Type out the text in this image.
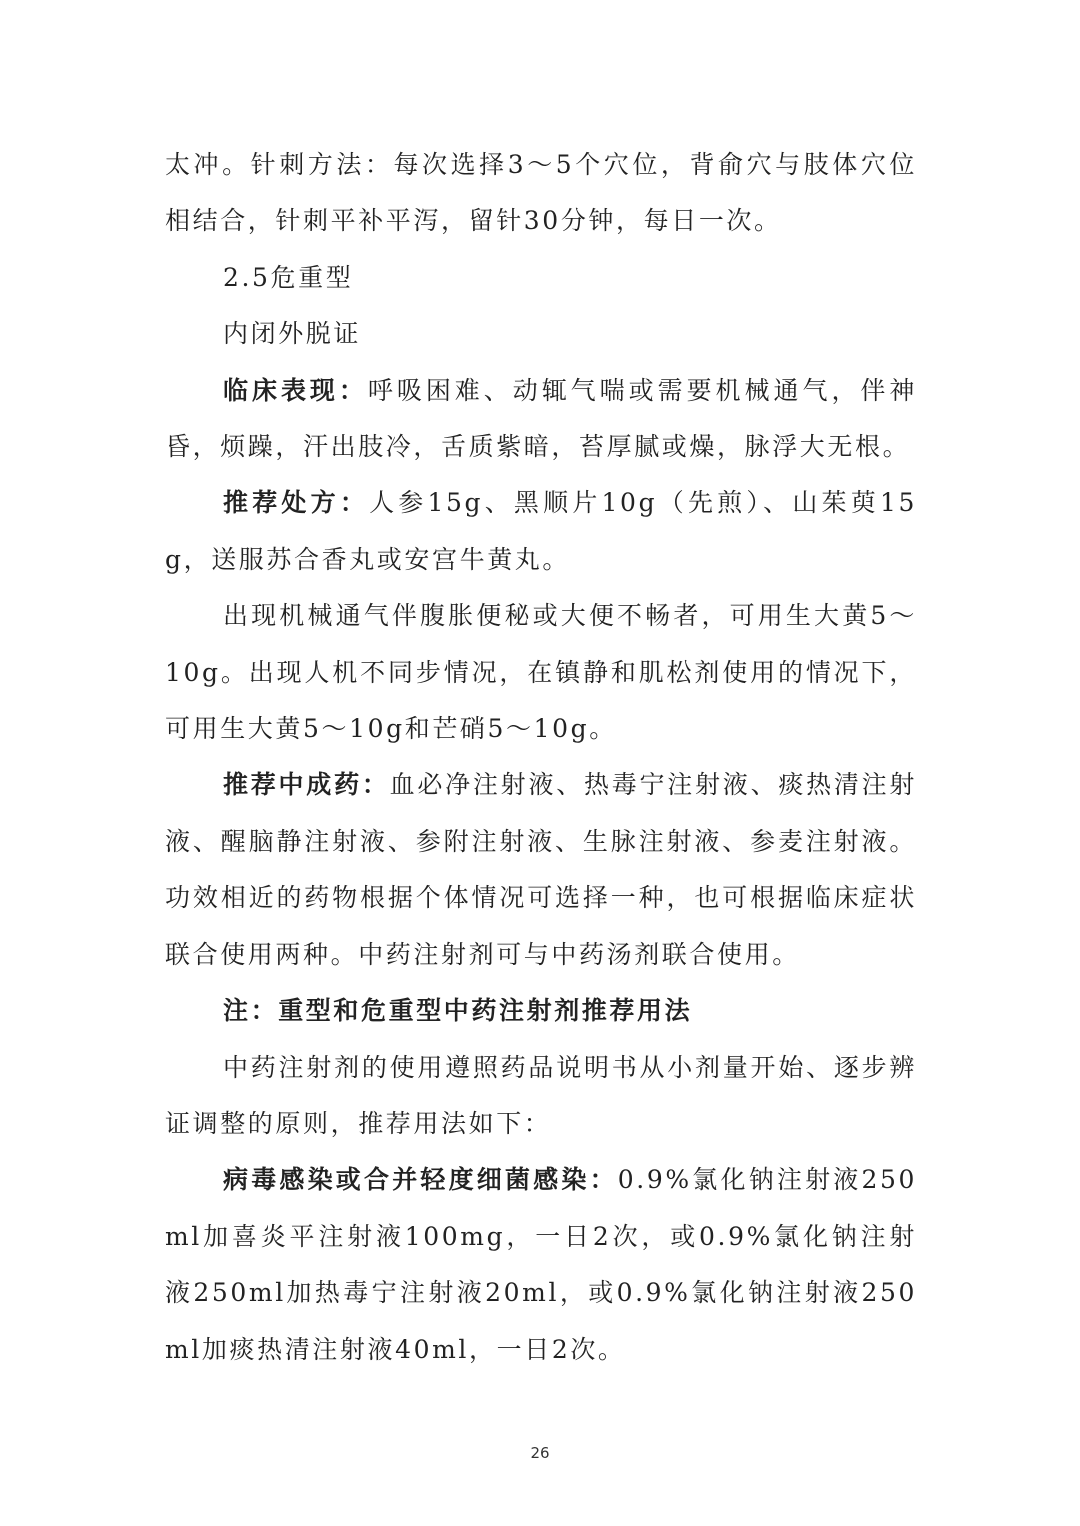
太冲。针刺方法：每次选择3～5个穴位，背俞穴与肢体穴位相结合，针刺平补平泻，留针30分钟，每日一次。

2.5危重型

内闭外脱证

临床表现：呼吸困难、动辄气喘或需要机械通气，伴神昏，烦躁，汗出肢冷，舌质紫暗，苔厚腻或燥，脉浮大无根。

推荐处方：人参15g、黑顺片10g（先煎）、山茱萸15g，送服苏合香丸或安宫牛黄丸。

出现机械通气伴腹胀便秘或大便不畅者，可用生大黄5～10g。出现人机不同步情况，在镇静和肌松剂使用的情况下，可用生大黄5～10g和芒硝5～10g。

推荐中成药：血必净注射液、热毒宁注射液、痰热清注射液、醒脑静注射液、参附注射液、生脉注射液、参麦注射液。功效相近的药物根据个体情况可选择一种，也可根据临床症状联合使用两种。中药注射剂可与中药汤剂联合使用。

注：重型和危重型中药注射剂推荐用法

中药注射剂的使用遵照药品说明书从小剂量开始、逐步辨证调整的原则，推荐用法如下：

病毒感染或合并轻度细菌感染：0.9%氯化钠注射液250ml加喜炎平注射液100mg，一日2次，或0.9%氯化钠注射液250ml加热毒宁注射液20ml，或0.9%氯化钠注射液250ml加痰热清注射液40ml，一日2次。

26
